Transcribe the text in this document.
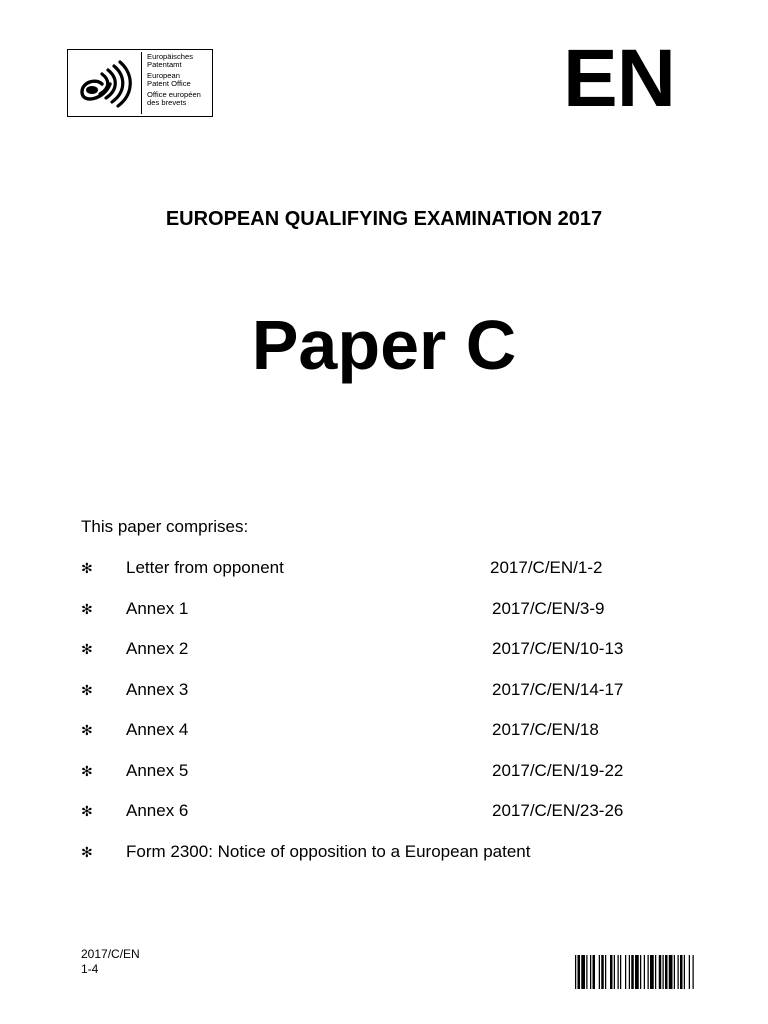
Europäisches
Patentamt
European
Patent Office
Office européen
des brevets	EN
EUROPEAN QUALIFYING EXAMINATION 2017
Paper C
This paper comprises:
✻ Letter from opponent	2017/C/EN/1-2
✻ Annex 1	2017/C/EN/3-9
✻ Annex 2	2017/C/EN/10-13
✻ Annex 3	2017/C/EN/14-17
✻ Annex 4	2017/C/EN/18
✻ Annex 5	2017/C/EN/19-22
✻ Annex 6	2017/C/EN/23-26
✻ Form 2300: Notice of opposition to a European patent
2017/C/EN
1-4
